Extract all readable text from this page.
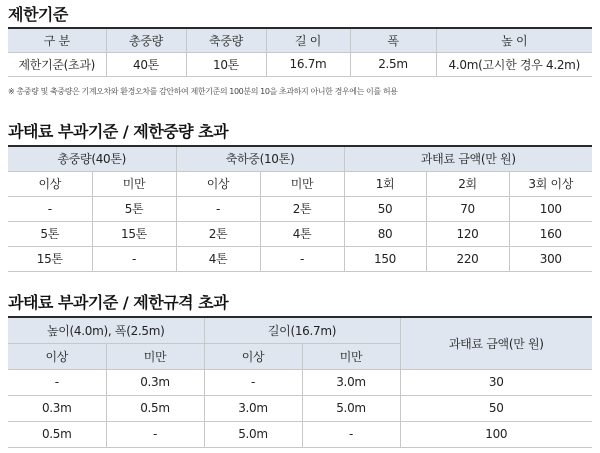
제한기준
구 분	총중량	축중량	길 이	폭	높 이
제한기준(초과)	40톤	10톤	16.7m	2.5m	4.0m(고시한 경우 4.2m)

※ 총중량 및 축중량은 기계오차와 환경오차를 감안하여 제한기준의 100분의 10을 초과하지 아니한 경우에는 이를 허용

과태료 부과기준 / 제한중량 초과
총중량(40톤)		축하중(10톤)		과태료 금액(만 원)		
이상	미만	이상	미만	1회	2회	3회 이상
-	5톤	-	2톤	50	70	100
5톤	15톤	2톤	4톤	80	120	160
15톤	-	4톤	-	150	220	300
과태료 부과기준 / 제한규격 초과
높이(4.0m), 폭(2.5m)		길이(16.7m)		과태료 금액(만 원)
이상	미만	이상	미만	
-	0.3m	-	3.0m	30
0.3m	0.5m	3.0m	5.0m	50
0.5m	-	5.0m	-	100
